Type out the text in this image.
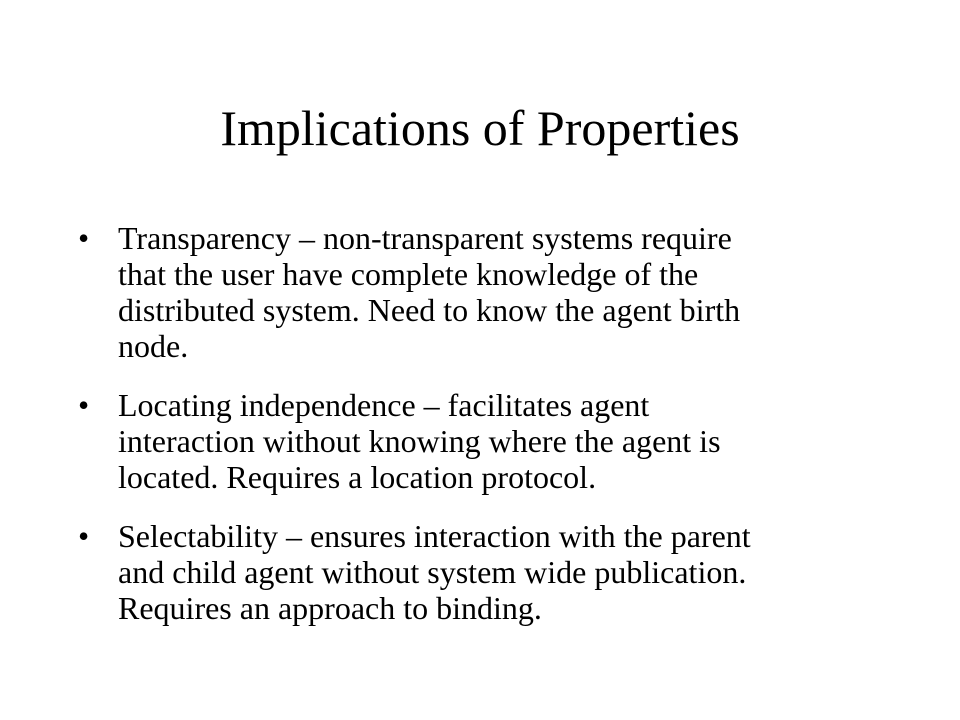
Implications of Properties
• Transparency – non-transparent systems require
that the user have complete knowledge of the
distributed system. Need to know the agent birth
node.
• Locating independence – facilitates agent
interaction without knowing where the agent is
located. Requires a location protocol.
• Selectability – ensures interaction with the parent
and child agent without system wide publication.
Requires an approach to binding.
